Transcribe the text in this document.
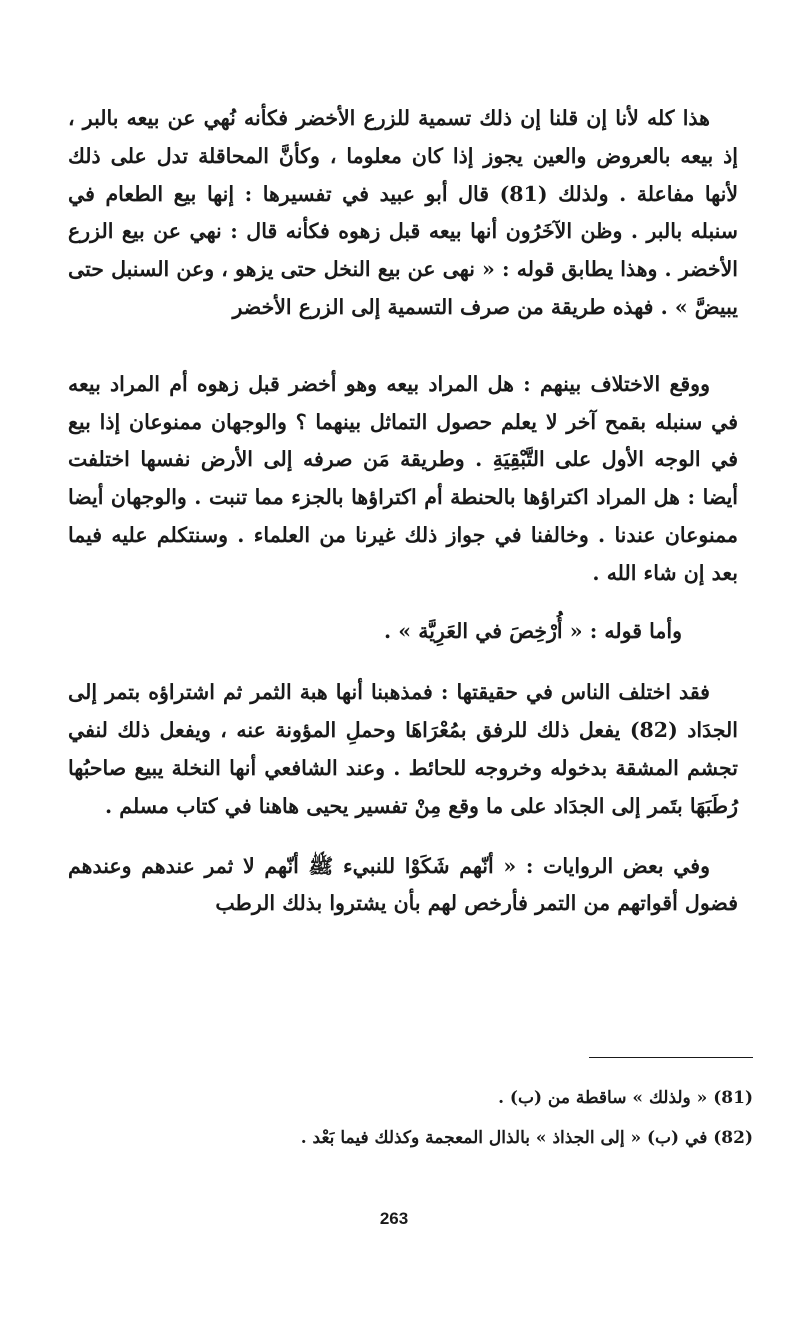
هذا كله لأنا إن قلنا إن ذلك تسمية للزرع الأخضر فكأنه نُهي عن بيعه بالبر ، إذ بيعه بالعروض والعين يجوز إذا كان معلوما ، وكأنَّ المحاقلة تدل على ذلك لأنها مفاعلة . ولذلك (81) قال أبو عبيد في تفسيرها : إنها بيع الطعام في سنبله بالبر . وظن الآخَرُون أنها بيعه قبل زهوه فكأنه قال : نهي عن بيع الزرع الأخضر . وهذا يطابق قوله : « نهى عن بيع النخل حتى يزهو ، وعن السنبل حتى يبيضَّ » . فهذه طريقة من صرف التسمية إلى الزرع الأخضر

ووقع الاختلاف بينهم : هل المراد بيعه وهو أخضر قبل زهوه أم المراد بيعه في سنبله بقمح آخر لا يعلم حصول التماثل بينهما ؟ والوجهان ممنوعان إذا بيع في الوجه الأول على التَّبْقِيَةِ . وطريقة مَن صرفه إلى الأرض نفسها اختلفت أيضا : هل المراد اكتراؤها بالحنطة أم اكتراؤها بالجزء مما تنبت . والوجهان أيضا ممنوعان عندنا . وخالفنا في جواز ذلك غيرنا من العلماء . وسنتكلم عليه فيما بعد إن شاء الله .

وأما قوله : « أُرْخِصَ في العَرِيَّة » .

فقد اختلف الناس في حقيقتها : فمذهبنا أنها هبة الثمر ثم اشتراؤه بتمر إلى الجدَاد (82) يفعل ذلك للرفق بمُعْرَاهَا وحملِ المؤونة عنه ، ويفعل ذلك لنفي تجشم المشقة بدخوله وخروجه للحائط . وعند الشافعي أنها النخلة يبيع صاحبُها رُطَبَهَا بتَمر إلى الجدَاد على ما وقع مِنْ تفسير يحيى هاهنا في كتاب مسلم .

وفي بعض الروايات : « أنّهم شَكَوْا للنبيء ﷺ أنّهم لا ثمر عندهم وعندهم فضول أقواتهم من التمر فأرخص لهم بأن يشتروا بذلك الرطب

(81) « ولذلك » ساقطة من (ب) .

(82) في (ب) « إلى الجذاذ » بالذال المعجمة وكذلك فيما بَعْد .

263
